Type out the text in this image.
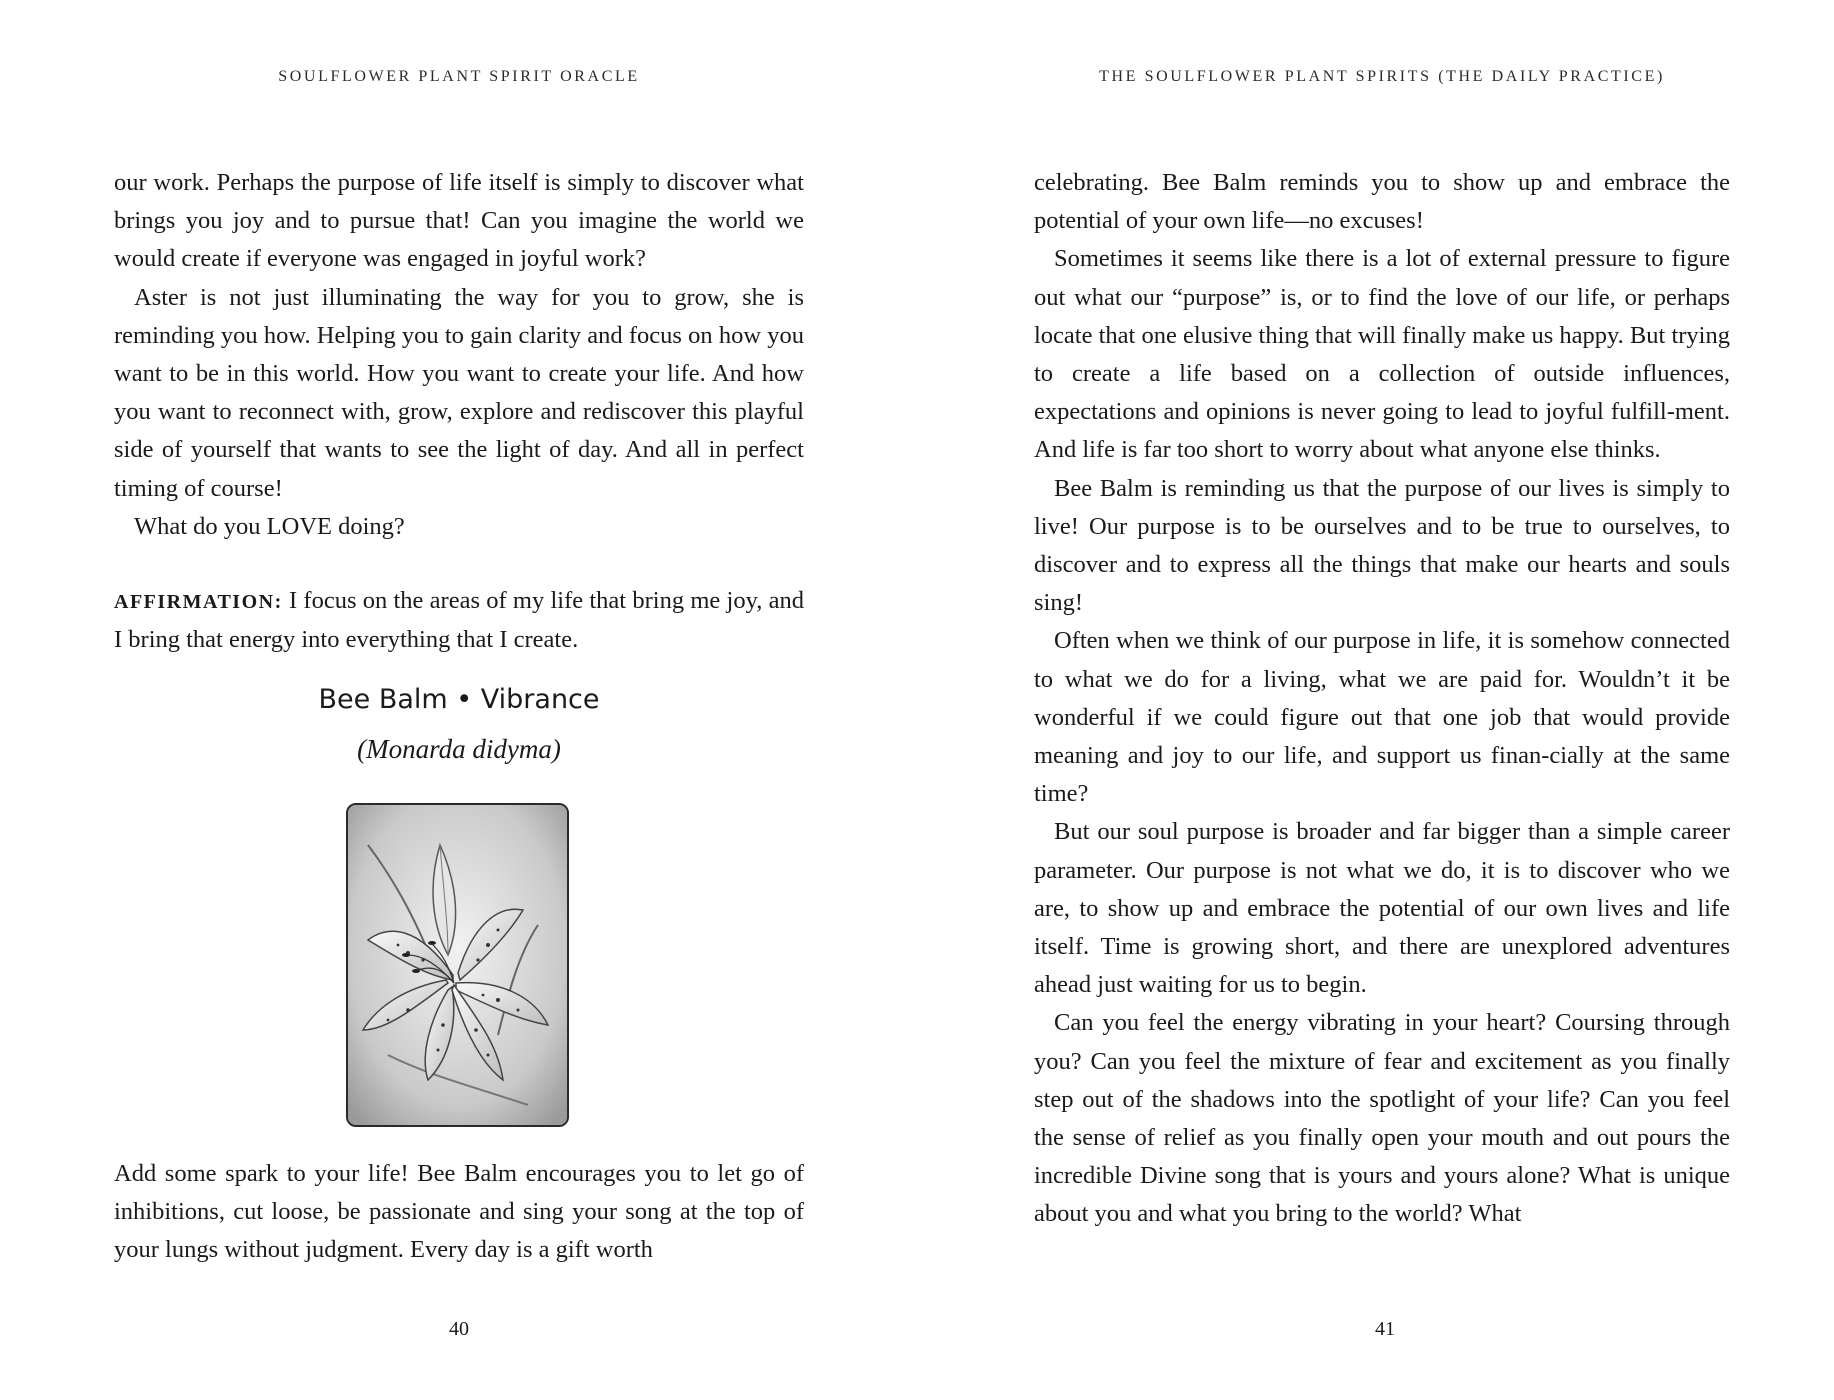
SOULFLOWER PLANT SPIRIT ORACLE

our work. Perhaps the purpose of life itself is simply to discover what brings you joy and to pursue that! Can you imagine the world we would create if everyone was engaged in joyful work?

Aster is not just illuminating the way for you to grow, she is reminding you how. Helping you to gain clarity and focus on how you want to be in this world. How you want to create your life. And how you want to reconnect with, grow, explore and rediscover this playful side of yourself that wants to see the light of day. And all in perfect timing of course!

What do you LOVE doing?

AFFIRMATION: I focus on the areas of my life that bring me joy, and I bring that energy into everything that I create.
Bee Balm • Vibrance
(Monarda didyma)

Add some spark to your life! Bee Balm encourages you to let go of inhibitions, cut loose, be passionate and sing your song at the top of your lungs without judgment. Every day is a gift worth

40
THE SOULFLOWER PLANT SPIRITS (THE DAILY PRACTICE)

celebrating. Bee Balm reminds you to show up and embrace the potential of your own life—no excuses!

Sometimes it seems like there is a lot of external pressure to figure out what our “purpose” is, or to find the love of our life, or perhaps locate that one elusive thing that will finally make us happy. But trying to create a life based on a collection of outside influences, expectations and opinions is never going to lead to joyful fulfill-ment. And life is far too short to worry about what anyone else thinks.

Bee Balm is reminding us that the purpose of our lives is simply to live! Our purpose is to be ourselves and to be true to ourselves, to discover and to express all the things that make our hearts and souls sing!

Often when we think of our purpose in life, it is somehow connected to what we do for a living, what we are paid for. Wouldn’t it be wonderful if we could figure out that one job that would provide meaning and joy to our life, and support us finan-cially at the same time?

But our soul purpose is broader and far bigger than a simple career parameter. Our purpose is not what we do, it is to discover who we are, to show up and embrace the potential of our own lives and life itself. Time is growing short, and there are unexplored adventures ahead just waiting for us to begin.

Can you feel the energy vibrating in your heart? Coursing through you? Can you feel the mixture of fear and excitement as you finally step out of the shadows into the spotlight of your life? Can you feel the sense of relief as you finally open your mouth and out pours the incredible Divine song that is yours and yours alone? What is unique about you and what you bring to the world? What

41
